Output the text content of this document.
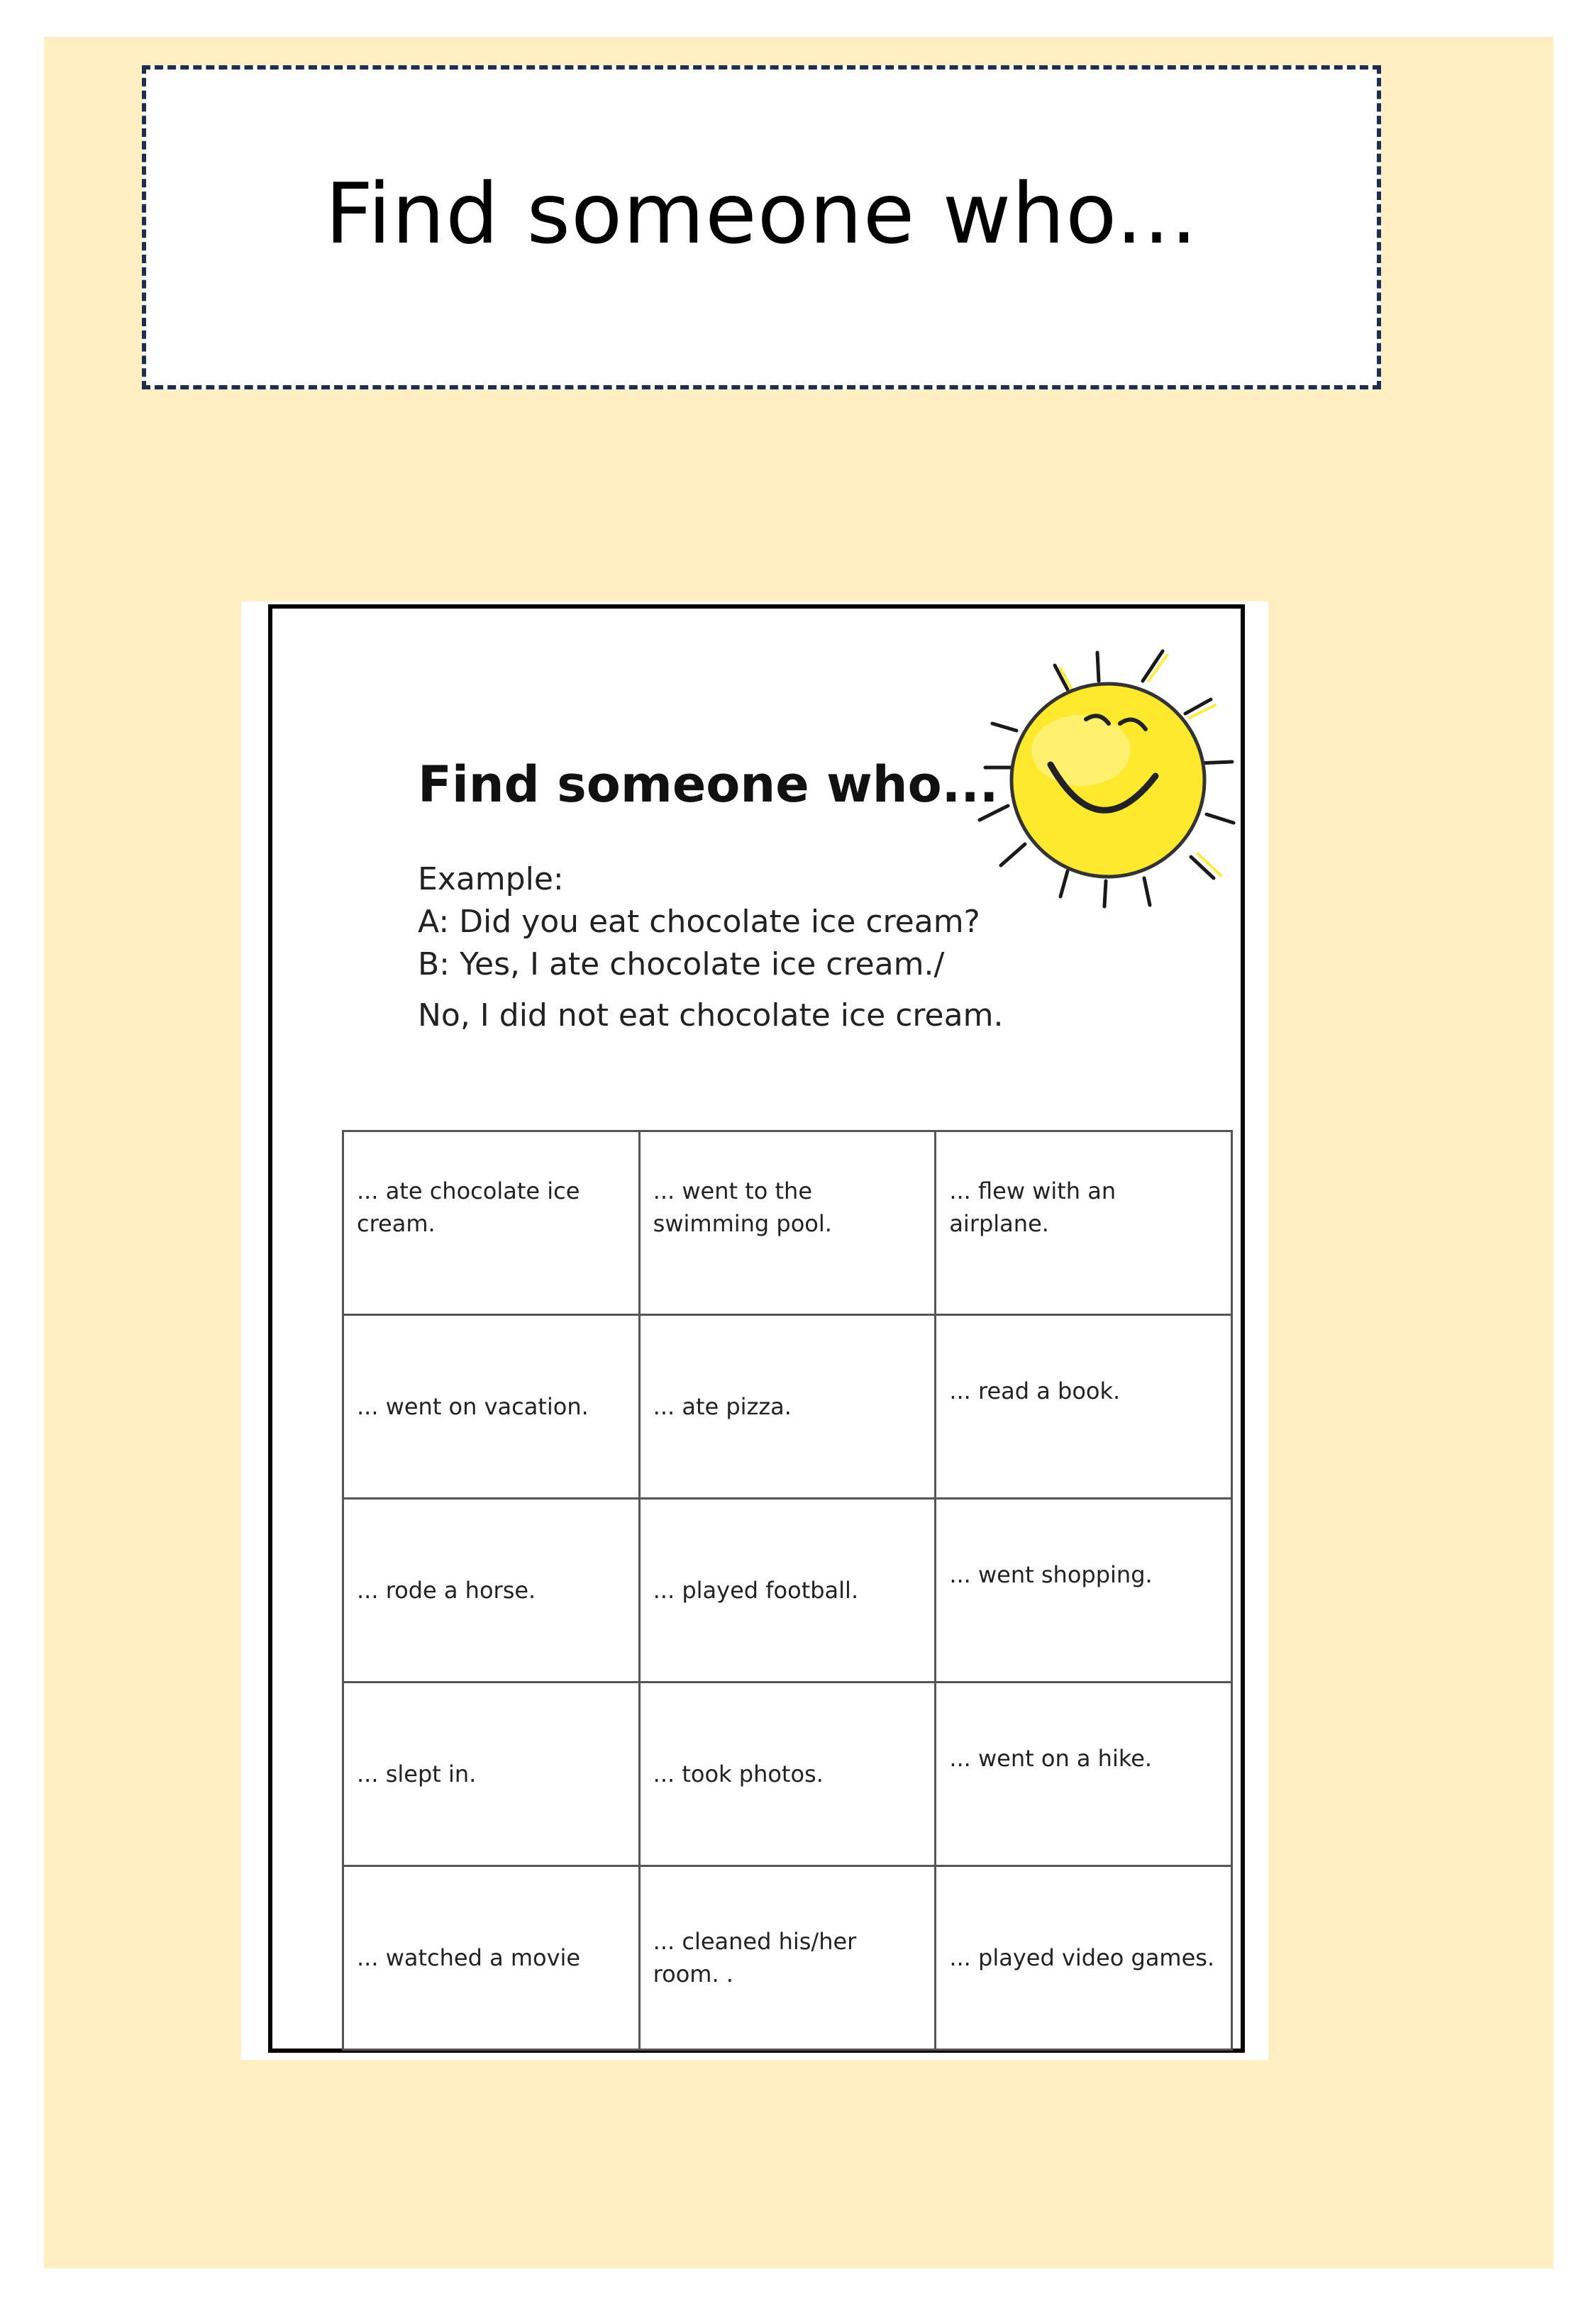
Find someone who...
Find someone who...
Example:
A: Did you eat chocolate ice cream?
B: Yes, I ate chocolate ice cream./
No, I did not eat chocolate ice cream.
... ate chocolate ice cream.	... went to the swimming pool.	... flew with an airplane.

... went on vacation.	... ate pizza.	... read a book.

... rode a horse.	... played football.	... went shopping.

... slept in.	... took photos.	... went on a hike.

... watched a movie	... cleaned his/her room. .	... played video games.
